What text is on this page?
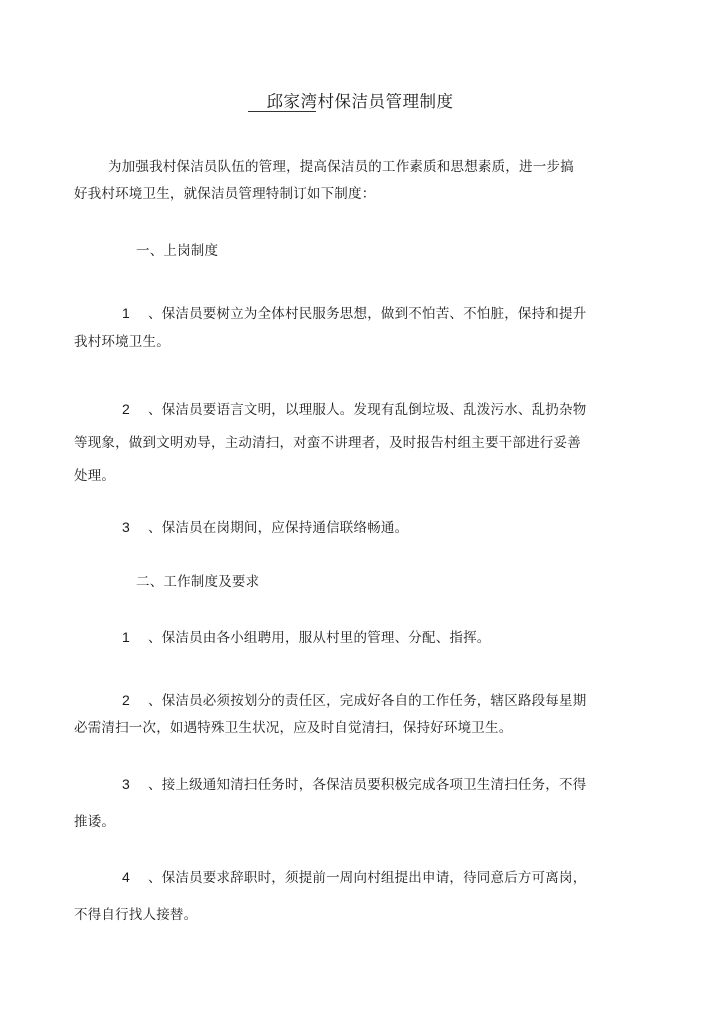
邱家湾村保洁员管理制度
为加强我村保洁员队伍的管理，提高保洁员的工作素质和思想素质，进一步搞
好我村环境卫生，就保洁员管理特制订如下制度：
一、上岗制度
1 、保洁员要树立为全体村民服务思想，做到不怕苦、不怕脏，保持和提升
我村环境卫生。
2 、保洁员要语言文明，以理服人。发现有乱倒垃圾、乱泼污水、乱扔杂物
等现象，做到文明劝导，主动清扫，对蛮不讲理者，及时报告村组主要干部进行妥善
处理。
3 、保洁员在岗期间，应保持通信联络畅通。
二、工作制度及要求
1 、保洁员由各小组聘用，服从村里的管理、分配、指挥。
2 、保洁员必须按划分的责任区，完成好各自的工作任务，辖区路段每星期
必需清扫一次，如遇特殊卫生状况，应及时自觉清扫，保持好环境卫生。
3 、接上级通知清扫任务时，各保洁员要积极完成各项卫生清扫任务，不得
推诿。
4 、保洁员要求辞职时，须提前一周向村组提出申请，待同意后方可离岗，
不得自行找人接替。
